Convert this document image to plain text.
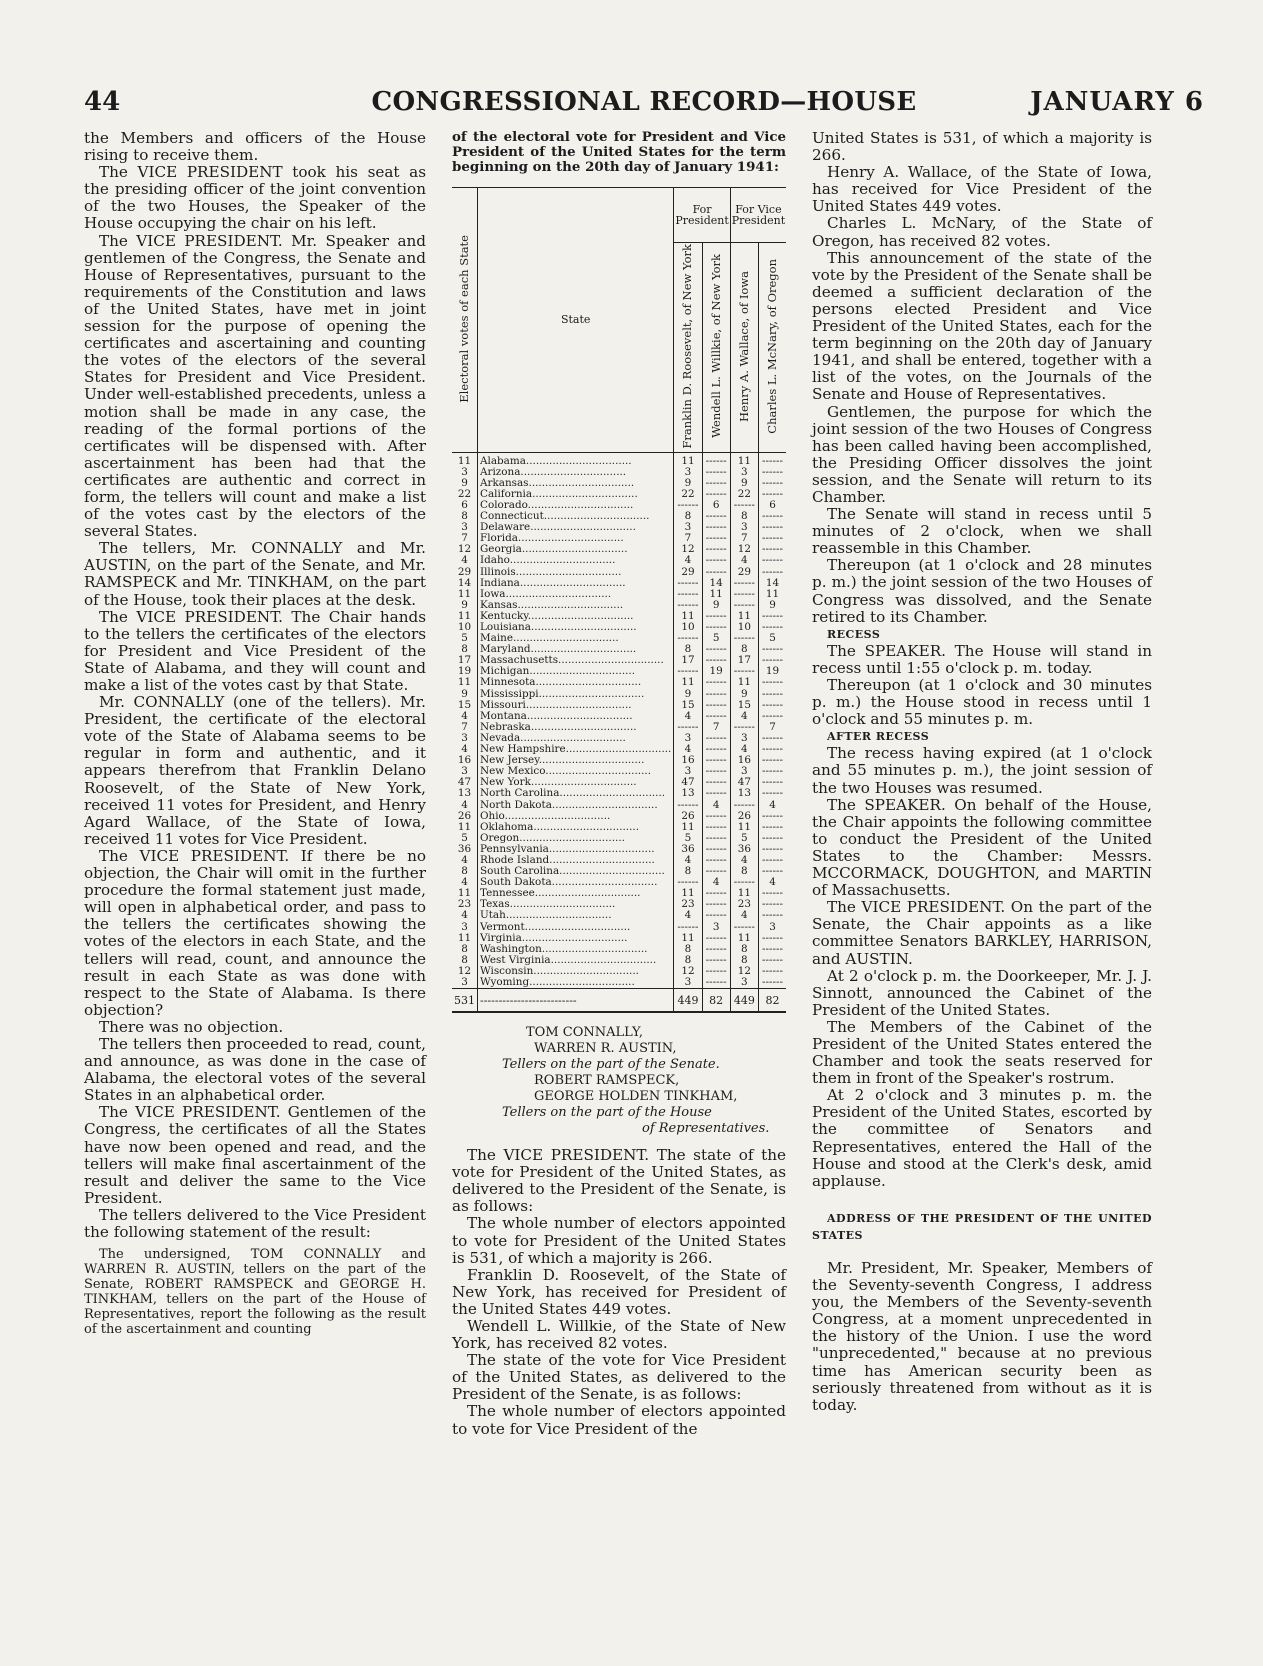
44	CONGRESSIONAL RECORD—HOUSE	JANUARY 6

the Members and officers of the House rising to receive them.

The VICE PRESIDENT took his seat as the presiding officer of the joint convention of the two Houses, the Speaker of the House occupying the chair on his left.

The VICE PRESIDENT. Mr. Speaker and gentlemen of the Congress, the Senate and House of Representatives, pursuant to the requirements of the Constitution and laws of the United States, have met in joint session for the purpose of opening the certificates and ascertaining and counting the votes of the electors of the several States for President and Vice President. Under well-established precedents, unless a motion shall be made in any case, the reading of the formal portions of the certificates will be dispensed with. After ascertainment has been had that the certificates are authentic and correct in form, the tellers will count and make a list of the votes cast by the electors of the several States.

The tellers, Mr. CONNALLY and Mr. AUSTIN, on the part of the Senate, and Mr. RAMSPECK and Mr. TINKHAM, on the part of the House, took their places at the desk.

The VICE PRESIDENT. The Chair hands to the tellers the certificates of the electors for President and Vice President of the State of Alabama, and they will count and make a list of the votes cast by that State.

Mr. CONNALLY (one of the tellers). Mr. President, the certificate of the electoral vote of the State of Alabama seems to be regular in form and authentic, and it appears therefrom that Franklin Delano Roosevelt, of the State of New York, received 11 votes for President, and Henry Agard Wallace, of the State of Iowa, received 11 votes for Vice President.

The VICE PRESIDENT. If there be no objection, the Chair will omit in the further procedure the formal statement just made, will open in alphabetical order, and pass to the tellers the certificates showing the votes of the electors in each State, and the tellers will read, count, and announce the result in each State as was done with respect to the State of Alabama. Is there objection?

There was no objection.

The tellers then proceeded to read, count, and announce, as was done in the case of Alabama, the electoral votes of the several States in an alphabetical order.

The VICE PRESIDENT. Gentlemen of the Congress, the certificates of all the States have now been opened and read, and the tellers will make final ascertainment of the result and deliver the same to the Vice President.

The tellers delivered to the Vice President the following statement of the result:

The undersigned, TOM CONNALLY and WARREN R. AUSTIN, tellers on the part of the Senate, ROBERT RAMSPECK and GEORGE H. TINKHAM, tellers on the part of the House of Representatives, report the following as the result of the ascertainment and counting

of the electoral vote for President and Vice President of the United States for the term beginning on the 20th day of January 1941:

Electoral votes of each State	State	For President		For Vice President	
		Franklin D. Roosevelt, of New York	Wendell L. Willkie, of New York	Henry A. Wallace, of Iowa	Charles L. McNary, of Oregon
11	Alabama................................	11	------	11	------
3	Arizona................................	3	------	3	------
9	Arkansas................................	9	------	9	------
22	California................................	22	------	22	------
6	Colorado................................	------	6	------	6
8	Connecticut................................	8	------	8	------
3	Delaware................................	3	------	3	------
7	Florida................................	7	------	7	------
12	Georgia................................	12	------	12	------
4	Idaho................................	4	------	4	------
29	Illinois................................	29	------	29	------
14	Indiana................................	------	14	------	14
11	Iowa................................	------	11	------	11
9	Kansas................................	------	9	------	9
11	Kentucky................................	11	------	11	------
10	Louisiana................................	10	------	10	------
5	Maine................................	------	5	------	5
8	Maryland................................	8	------	8	------
17	Massachusetts................................	17	------	17	------
19	Michigan................................	------	19	------	19
11	Minnesota................................	11	------	11	------
9	Mississippi................................	9	------	9	------
15	Missouri................................	15	------	15	------
4	Montana................................	4	------	4	------
7	Nebraska................................	------	7	------	7
3	Nevada................................	3	------	3	------
4	New Hampshire................................	4	------	4	------
16	New Jersey................................	16	------	16	------
3	New Mexico................................	3	------	3	------
47	New York................................	47	------	47	------
13	North Carolina................................	13	------	13	------
4	North Dakota................................	------	4	------	4
26	Ohio................................	26	------	26	------
11	Oklahoma................................	11	------	11	------
5	Oregon................................	5	------	5	------
36	Pennsylvania................................	36	------	36	------
4	Rhode Island................................	4	------	4	------
8	South Carolina................................	8	------	8	------
4	South Dakota................................	------	4	------	4
11	Tennessee................................	11	------	11	------
23	Texas................................	23	------	23	------
4	Utah................................	4	------	4	------
3	Vermont................................	------	3	------	3
11	Virginia................................	11	------	11	------
8	Washington................................	8	------	8	------
8	West Virginia................................	8	------	8	------
12	Wisconsin................................	12	------	12	------
3	Wyoming................................	3	------	3	------
531	--------------------------	449	82	449	82
TOM CONNALLY,
WARREN R. AUSTIN,
Tellers on the part of the Senate.
ROBERT RAMSPECK,
GEORGE HOLDEN TINKHAM,
Tellers on the part of the House
of Representatives.

The VICE PRESIDENT. The state of the vote for President of the United States, as delivered to the President of the Senate, is as follows:

The whole number of electors appointed to vote for President of the United States is 531, of which a majority is 266.

Franklin D. Roosevelt, of the State of New York, has received for President of the United States 449 votes.

Wendell L. Willkie, of the State of New York, has received 82 votes.

The state of the vote for Vice President of the United States, as delivered to the President of the Senate, is as follows:

The whole number of electors appointed to vote for Vice President of the

United States is 531, of which a majority is 266.

Henry A. Wallace, of the State of Iowa, has received for Vice President of the United States 449 votes.

Charles L. McNary, of the State of Oregon, has received 82 votes.

This announcement of the state of the vote by the President of the Senate shall be deemed a sufficient declaration of the persons elected President and Vice President of the United States, each for the term beginning on the 20th day of January 1941, and shall be entered, together with a list of the votes, on the Journals of the Senate and House of Representatives.

Gentlemen, the purpose for which the joint session of the two Houses of Congress has been called having been accomplished, the Presiding Officer dissolves the joint session, and the Senate will return to its Chamber.

The Senate will stand in recess until 5 minutes of 2 o'clock, when we shall reassemble in this Chamber.

Thereupon (at 1 o'clock and 28 minutes p. m.) the joint session of the two Houses of Congress was dissolved, and the Senate retired to its Chamber.

RECESS

The SPEAKER. The House will stand in recess until 1:55 o'clock p. m. today.

Thereupon (at 1 o'clock and 30 minutes p. m.) the House stood in recess until 1 o'clock and 55 minutes p. m.

AFTER RECESS

The recess having expired (at 1 o'clock and 55 minutes p. m.), the joint session of the two Houses was resumed.

The SPEAKER. On behalf of the House, the Chair appoints the following committee to conduct the President of the United States to the Chamber: Messrs. MCCORMACK, DOUGHTON, and MARTIN of Massachusetts.

The VICE PRESIDENT. On the part of the Senate, the Chair appoints as a like committee Senators BARKLEY, HARRISON, and AUSTIN.

At 2 o'clock p. m. the Doorkeeper, Mr. J. J. Sinnott, announced the Cabinet of the President of the United States.

The Members of the Cabinet of the President of the United States entered the Chamber and took the seats reserved for them in front of the Speaker's rostrum.

At 2 o'clock and 3 minutes p. m. the President of the United States, escorted by the committee of Senators and Representatives, entered the Hall of the House and stood at the Clerk's desk, amid applause.

ADDRESS OF THE PRESIDENT OF THE UNITED STATES

Mr. President, Mr. Speaker, Members of the Seventy-seventh Congress, I address you, the Members of the Seventy-seventh Congress, at a moment unprecedented in the history of the Union. I use the word "unprecedented," because at no previous time has American security been as seriously threatened from without as it is today.
